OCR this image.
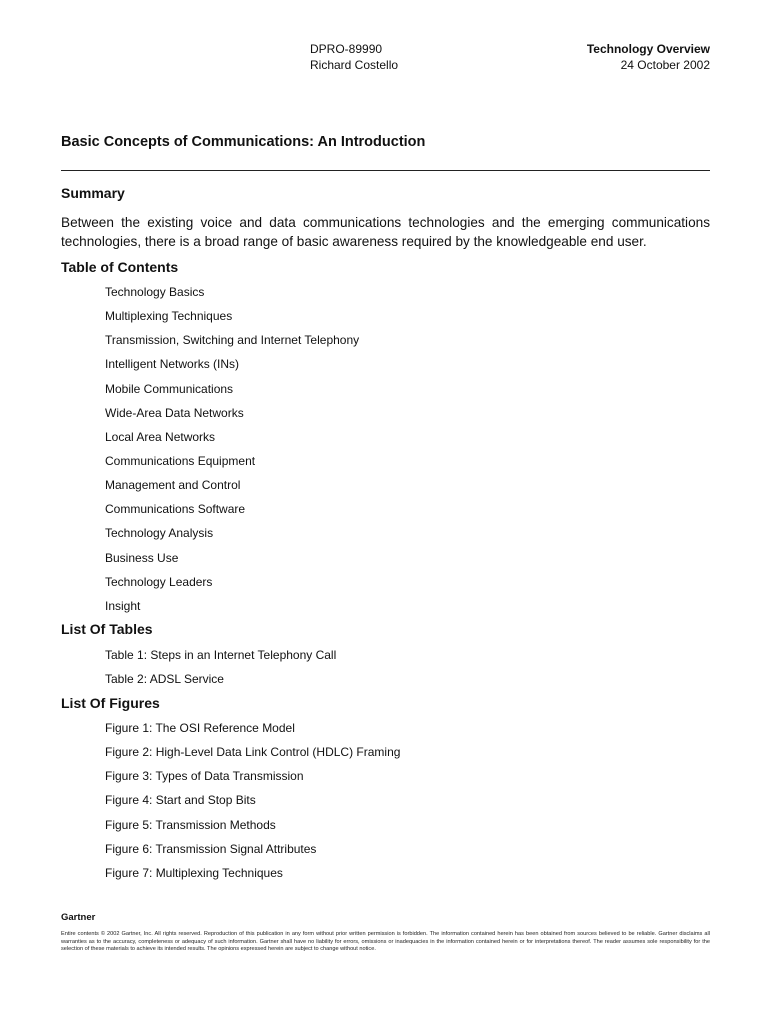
DPRO-89990
Richard Costello
Technology Overview
24 October 2002
Basic Concepts of Communications: An Introduction
Summary

Between the existing voice and data communications technologies and the emerging communications technologies, there is a broad range of basic awareness required by the knowledgeable end user.

Table of Contents
Technology Basics
Multiplexing Techniques
Transmission, Switching and Internet Telephony
Intelligent Networks (INs)
Mobile Communications
Wide-Area Data Networks
Local Area Networks
Communications Equipment
Management and Control
Communications Software
Technology Analysis
Business Use
Technology Leaders
Insight
List Of Tables
Table 1: Steps in an Internet Telephony Call
Table 2: ADSL Service
List Of Figures
Figure 1: The OSI Reference Model
Figure 2: High-Level Data Link Control (HDLC) Framing
Figure 3: Types of Data Transmission
Figure 4: Start and Stop Bits
Figure 5: Transmission Methods
Figure 6: Transmission Signal Attributes
Figure 7: Multiplexing Techniques
Gartner

Entire contents © 2002 Gartner, Inc. All rights reserved. Reproduction of this publication in any form without prior written permission is forbidden. The information contained herein has been obtained from sources believed to be reliable. Gartner disclaims all warranties as to the accuracy, completeness or adequacy of such information. Gartner shall have no liability for errors, omissions or inadequacies in the information contained herein or for interpretations thereof. The reader assumes sole responsibility for the selection of these materials to achieve its intended results. The opinions expressed herein are subject to change without notice.
